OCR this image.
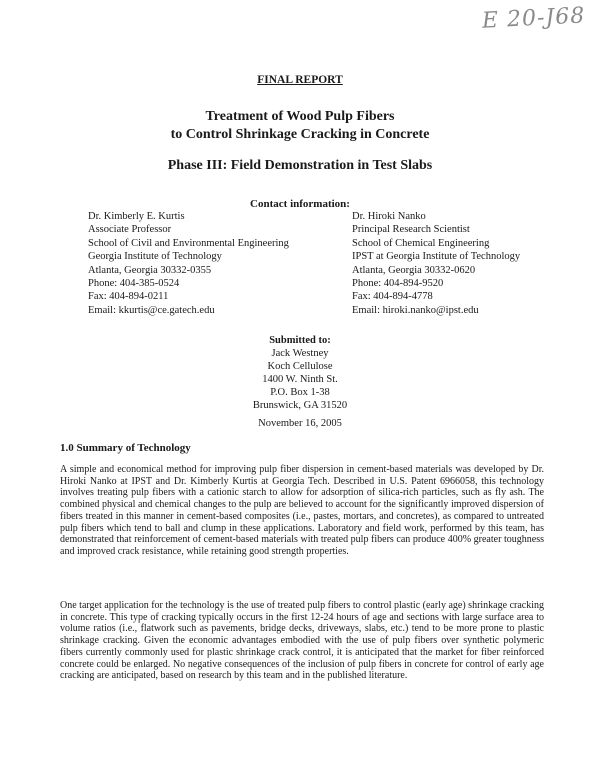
E 20-J68
FINAL REPORT
Treatment of Wood Pulp Fibers
to Control Shrinkage Cracking in Concrete
Phase III: Field Demonstration in Test Slabs
Contact information:
Dr. Kimberly E. Kurtis
Associate Professor
School of Civil and Environmental Engineering
Georgia Institute of Technology
Atlanta, Georgia 30332-0355
Phone: 404-385-0524
Fax: 404-894-0211
Email: kkurtis@ce.gatech.edu
Dr. Hiroki Nanko
Principal Research Scientist
School of Chemical Engineering
IPST at Georgia Institute of Technology
Atlanta, Georgia 30332-0620
Phone: 404-894-9520
Fax: 404-894-4778
Email: hiroki.nanko@ipst.edu
Submitted to:
Jack Westney
Koch Cellulose
1400 W. Ninth St.
P.O. Box 1-38
Brunswick, GA 31520
November 16, 2005
1.0 Summary of Technology

A simple and economical method for improving pulp fiber dispersion in cement-based materials was developed by Dr. Hiroki Nanko at IPST and Dr. Kimberly Kurtis at Georgia Tech. Described in U.S. Patent 6966058, this technology involves treating pulp fibers with a cationic starch to allow for adsorption of silica-rich particles, such as fly ash. The combined physical and chemical changes to the pulp are believed to account for the significantly improved dispersion of fibers treated in this manner in cement-based composites (i.e., pastes, mortars, and concretes), as compared to untreated pulp fibers which tend to ball and clump in these applications. Laboratory and field work, performed by this team, has demonstrated that reinforcement of cement-based materials with treated pulp fibers can produce 400% greater toughness and improved crack resistance, while retaining good strength properties.

One target application for the technology is the use of treated pulp fibers to control plastic (early age) shrinkage cracking in concrete. This type of cracking typically occurs in the first 12-24 hours of age and sections with large surface area to volume ratios (i.e., flatwork such as pavements, bridge decks, driveways, slabs, etc.) tend to be more prone to plastic shrinkage cracking. Given the economic advantages embodied with the use of pulp fibers over synthetic polymeric fibers currently commonly used for plastic shrinkage crack control, it is anticipated that the market for fiber reinforced concrete could be enlarged. No negative consequences of the inclusion of pulp fibers in concrete for control of early age cracking are anticipated, based on research by this team and in the published literature.
